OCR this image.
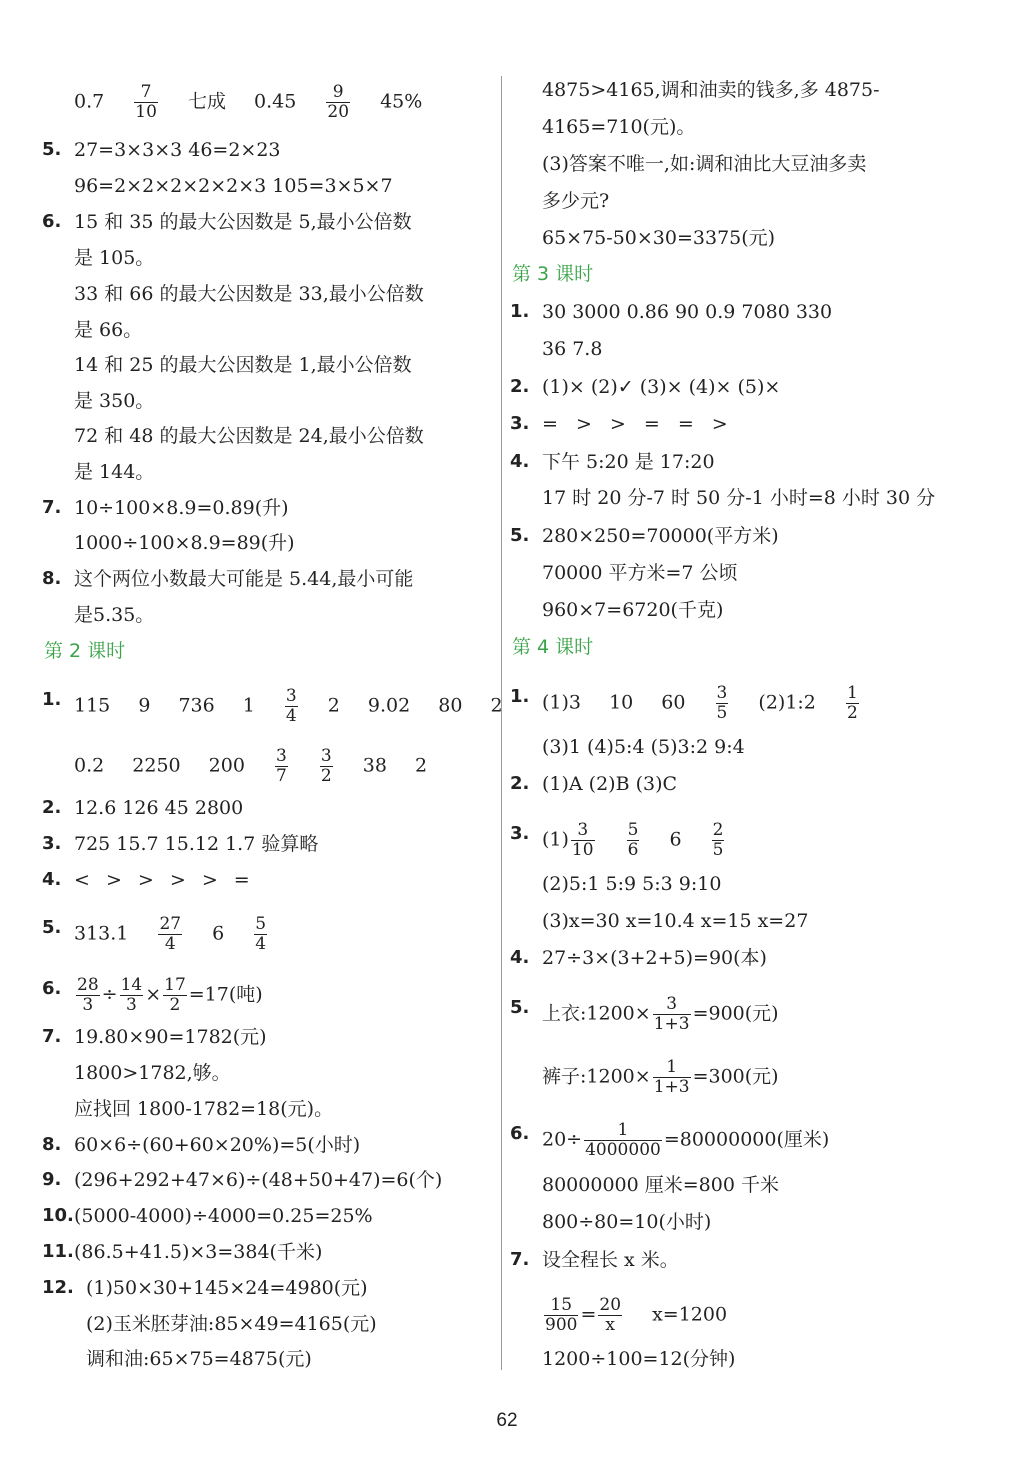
$0.7 \frac{7}{10}$ 七成 $0.45 \frac{9}{20} 45\%$
5. 27=3×3×3 46=2×23
96=2×2×2×2×2×3 105=3×5×7
6. 15 和 35 的最大公因数是 5,最小公倍数
是 105。
33 和 66 的最大公因数是 33,最小公倍数
是 66。
14 和 25 的最大公因数是 1,最小公倍数
是 350。
72 和 48 的最大公因数是 24,最小公倍数
是 144。
7. 10÷100×8.9=0.89(升)
1000÷100×8.9=89(升)
8. 这个两位小数最大可能是 5.44,最小可能
是5.35。
第 2 课时
1. 115 9 736 $1 \frac{3}{4} 2$ 9.02 80 2
0.2 2250 $200 \frac{3}{7}$
$\frac{3}{2} 38$ 2
2. 12.6 126 45 2800
3. 725 15.7 15.12 1.7 验算略
4. < > > > > =
5. $313.1 \frac{27}{4} 6 \frac{5}{4}$
6. $\frac{28}{3} \div \frac{14}{3} \times \frac{17}{2} =17$(吨)
7. 19.80×90=1782(元)
1800>1782,够。
应找回 1800-1782=18(元)。
8. 60×6÷(60+60×20%)=5(小时)
9. (296+292+47×6)÷(48+50+47)=6(个)
10. (5000-4000)÷4000=0.25=25%
11. (86.5+41.5)×3=384(千米)
12. (1)50×30+145×24=4980(元)
(2)玉米胚芽油:85×49=4165(元)
调和油:65×75=4875(元)
4875>4165,调和油卖的钱多,多 4875-
4165=710(元)。
(3)答案不唯一,如:调和油比大豆油多卖
多少元?
65×75-50×30=3375(元)
第 3 课时
1. 30 3000 0.86 90 0.9 7080 330
36 7.8
2. (1)× (2)✓ (3)× (4)× (5)×
3. = > > = = >
4. 下午 5:20 是 17:20
17 时 20 分-7 时 50 分-1 小时=8 小时 30 分
5. 280×250=70000(平方米)
70000 平方米=7 公顷
960×7=6720(千克)
第 4 课时
1. (1)3 10 $60 \frac{3}{5}$ (2)1:2 $\frac{1}{2}$
(3)1 (4)5:4 (5)3:2 9:4
2. (1)A (2)B (3)C
3. $(1) \frac{3}{10}$
$\frac{5}{6} 6 \frac{2}{5}$
(2)5:1 5:9 5:3 9:10
(3)x=30 x=10.4 x=15 x=27
4. 27÷3×(3+2+5)=90(本)
5. 上衣:1200× $\frac{3}{1+3} =900$(元)
裤子:1200× $\frac{1}{1+3} =300$(元)
6. $20\div \frac{1}{4000000} =80000000$(厘米)
80000000 厘米=800 千米
800÷80=10(小时)
7. 设全程长 x 米。
$\frac{15}{900} = \frac{20}{x} x=1200$
1200÷100=12(分钟)
62
